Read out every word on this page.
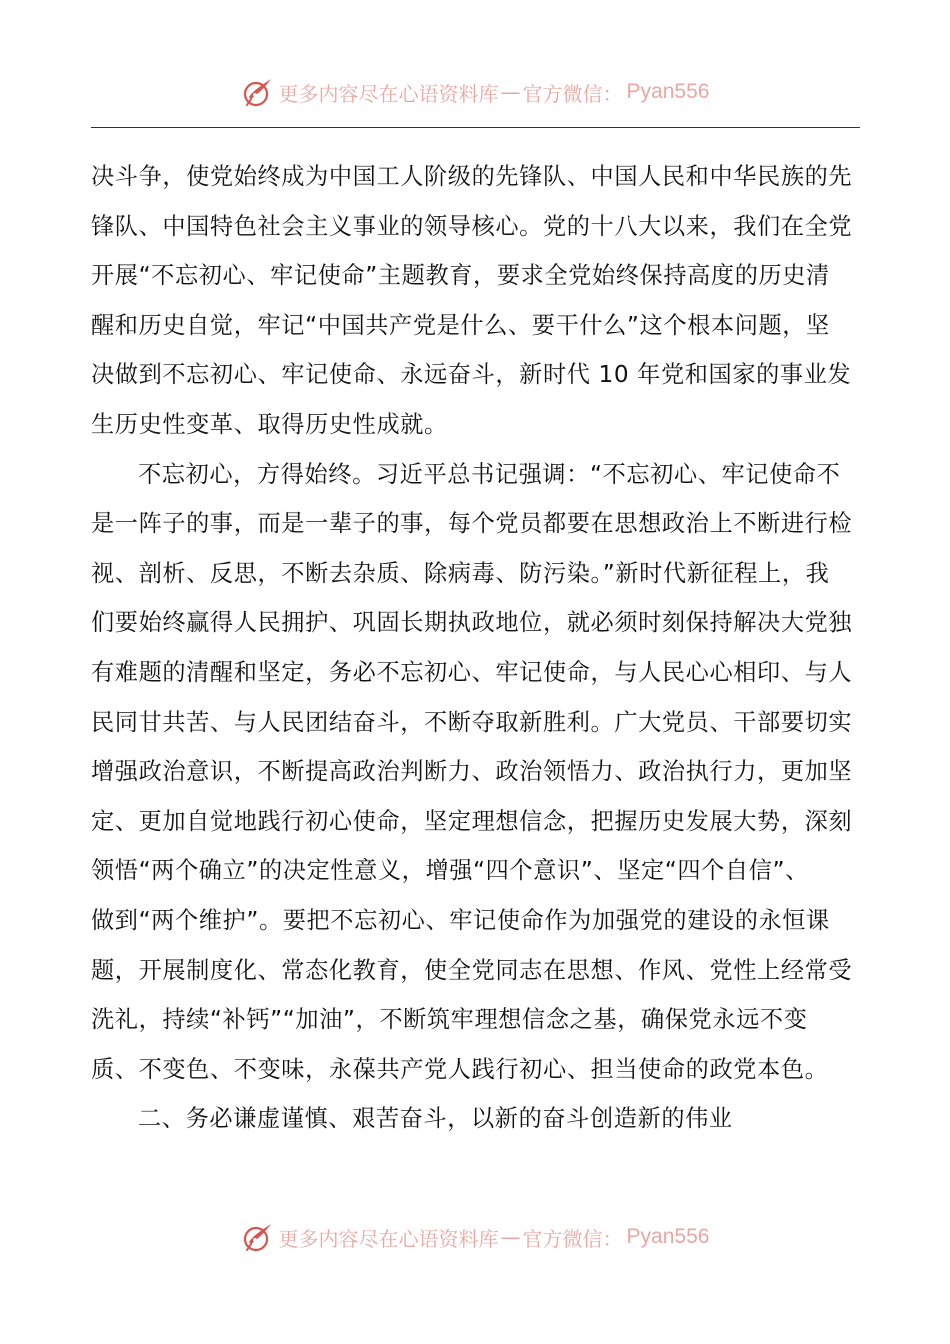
更多内容尽在心语资料库 — 官方微信： Pyan556
决斗争，使党始终成为中国工人阶级的先锋队、中国人民和中华民族的先
锋队、中国特色社会主义事业的领导核心。党的十八大以来，我们在全党
开展“不忘初心、牢记使命”主题教育，要求全党始终保持高度的历史清
醒和历史自觉，牢记“中国共产党是什么、要干什么”这个根本问题，坚
决做到不忘初心、牢记使命、永远奋斗，新时代 10 年党和国家的事业发
生历史性变革、取得历史性成就。
不忘初心，方得始终。习近平总书记强调：“不忘初心、牢记使命不
是一阵子的事，而是一辈子的事，每个党员都要在思想政治上不断进行检
视、剖析、反思，不断去杂质、除病毒、防污染。”新时代新征程上，我
们要始终赢得人民拥护、巩固长期执政地位，就必须时刻保持解决大党独
有难题的清醒和坚定，务必不忘初心、牢记使命，与人民心心相印、与人
民同甘共苦、与人民团结奋斗，不断夺取新胜利。广大党员、干部要切实
增强政治意识，不断提高政治判断力、政治领悟力、政治执行力，更加坚
定、更加自觉地践行初心使命，坚定理想信念，把握历史发展大势，深刻
领悟“两个确立”的决定性意义，增强“四个意识”、坚定“四个自信”、
做到“两个维护”。要把不忘初心、牢记使命作为加强党的建设的永恒课
题，开展制度化、常态化教育，使全党同志在思想、作风、党性上经常受
洗礼，持续“补钙”“加油”，不断筑牢理想信念之基，确保党永远不变
质、不变色、不变味，永葆共产党人践行初心、担当使命的政党本色。
二、务必谦虚谨慎、艰苦奋斗，以新的奋斗创造新的伟业
更多内容尽在心语资料库 — 官方微信： Pyan556
